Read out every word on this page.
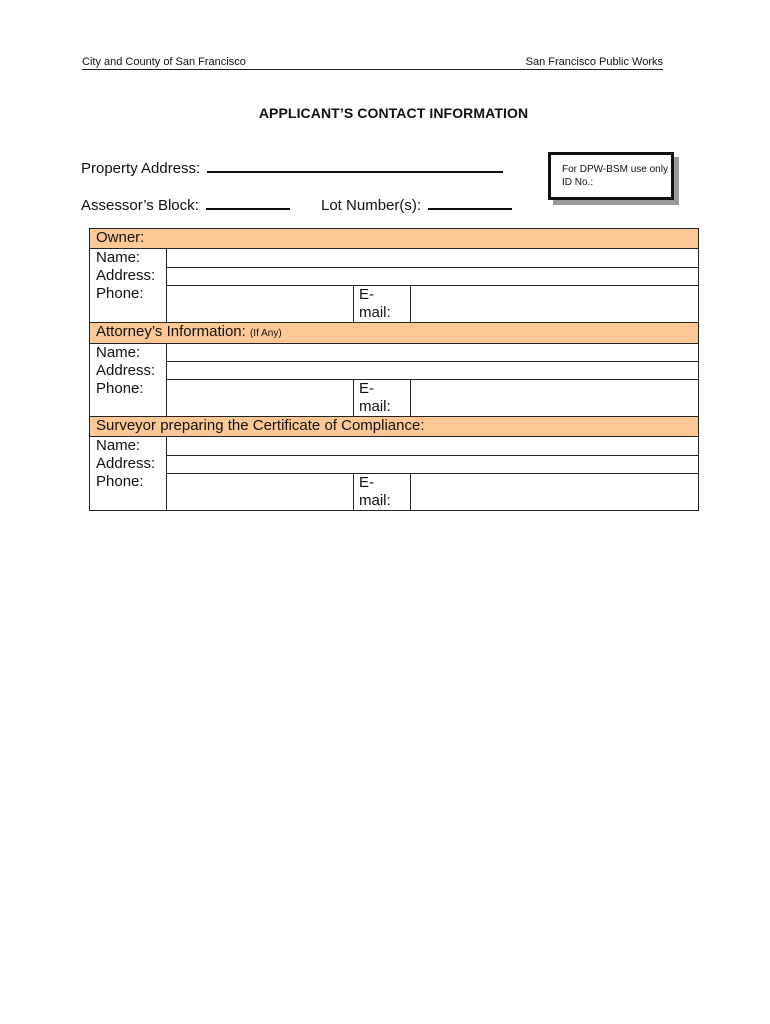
City and County of San Francisco	San Francisco Public Works
APPLICANT’S CONTACT INFORMATION
Property Address:
Assessor’s Block:	Lot Number(s):
For DPW-BSM use only
ID No.:
Owner:			
Name:			
Address:			
Phone:		E-
mail:	
Attorney’s Information: (If Any)			
Name:			
Address:			
Phone:		E-
mail:	
Surveyor preparing the Certificate of Compliance:			
Name:			
Address:			
Phone:		E-
mail:	
